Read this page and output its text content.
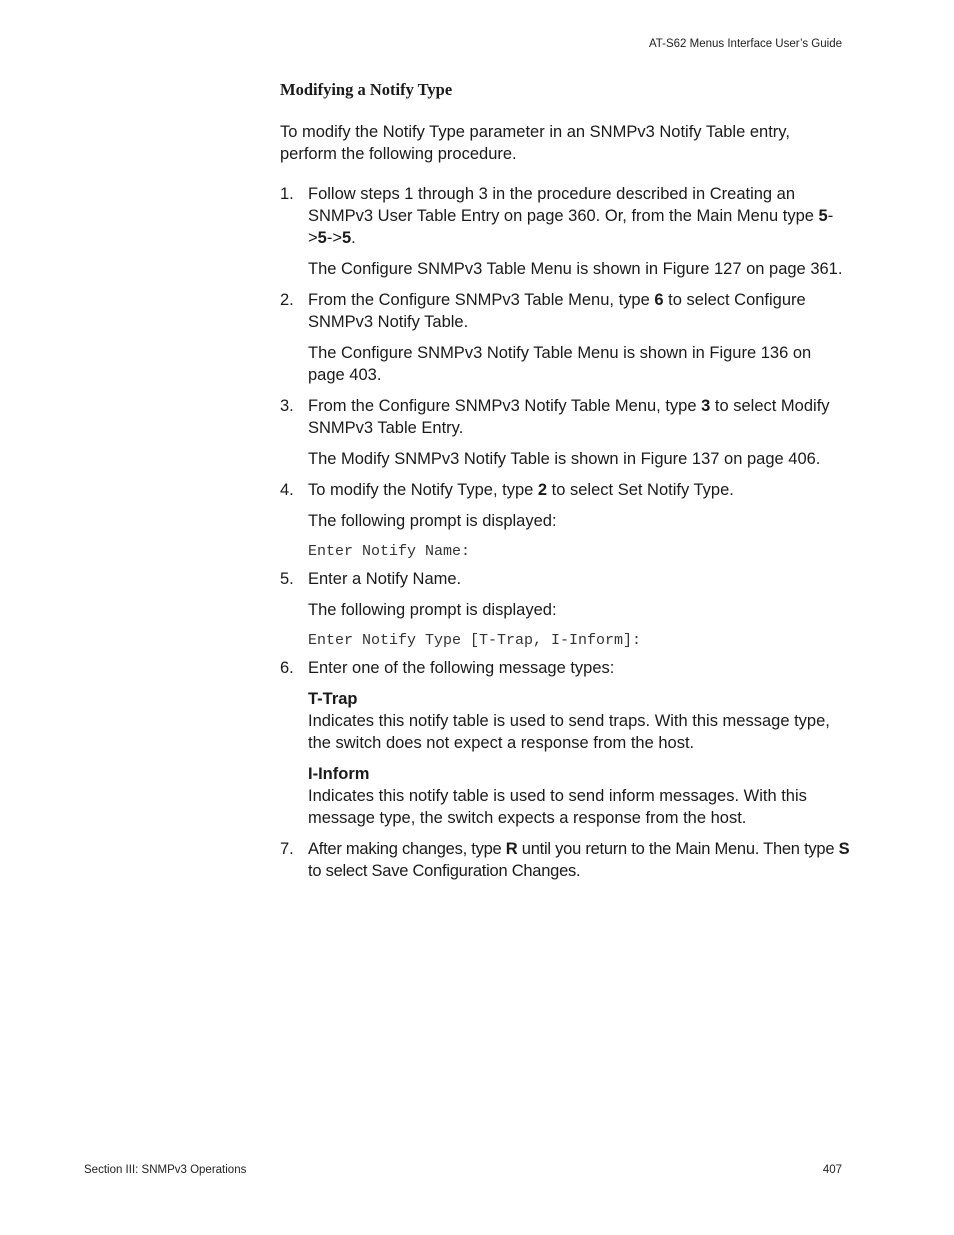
AT-S62 Menus Interface User’s Guide
Modifying a Notify Type

To modify the Notify Type parameter in an SNMPv3 Notify Table entry, perform the following procedure.

1. Follow steps 1 through 3 in the procedure described in Creating an SNMPv3 User Table Entry on page 360. Or, from the Main Menu type 5->5->5.

The Configure SNMPv3 Table Menu is shown in Figure 127 on page 361.

2. From the Configure SNMPv3 Table Menu, type 6 to select Configure SNMPv3 Notify Table.

The Configure SNMPv3 Notify Table Menu is shown in Figure 136 on page 403.

3. From the Configure SNMPv3 Notify Table Menu, type 3 to select Modify SNMPv3 Table Entry.

The Modify SNMPv3 Notify Table is shown in Figure 137 on page 406.

4. To modify the Notify Type, type 2 to select Set Notify Type.

The following prompt is displayed:

Enter Notify Name:

5. Enter a Notify Name.

The following prompt is displayed:

Enter Notify Type [T-Trap, I-Inform]:

6. Enter one of the following message types:

T-Trap
Indicates this notify table is used to send traps. With this message type, the switch does not expect a response from the host.
I-Inform
Indicates this notify table is used to send inform messages. With this message type, the switch expects a response from the host.
7. After making changes, type R until you return to the Main Menu. Then type S to select Save Configuration Changes.

Section III: SNMPv3 Operations	407
